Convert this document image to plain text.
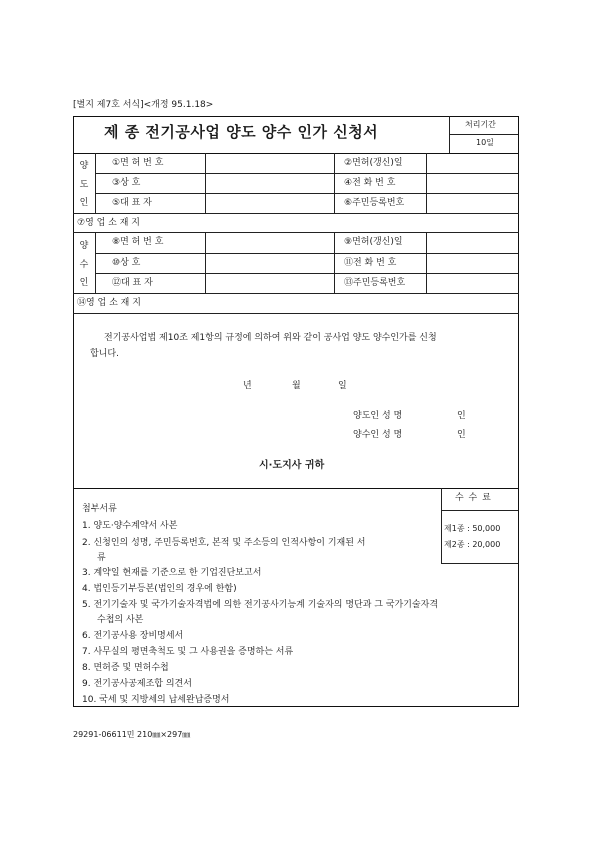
[별지 제7호 서식]<개정 95.1.18>
제 종 전기공사업 양도 양수 인가 신청서	처리기간
10일
양
도
인
①면 허 번 호	②면허(갱신)일
③상 호	④전 화 번 호
⑤대 표 자	⑥주민등록번호
⑦영 업 소 재 지
양
수
인
⑧면 허 번 호	⑨면허(갱신)일
⑩상 호	⑪전 화 번 호
⑫대 표 자	⑬주민등록번호
⑭영 업 소 재 지
전기공사업법 제10조 제1항의 규정에 의하여 위와 같이 공사업 양도 양수인가를 신청
합니다.
년	월	일
양도인 성 명	인
양수인 성 명	인
시·도지사 귀하
수 수 료
제1종 : 50,000
제2종 : 20,000
첨부서류
1. 양도·양수계약서 사본
2. 신청인의 성명, 주민등록번호, 본적 및 주소등의 인적사항이 기재된 서
류
3. 계약일 현재를 기준으로 한 기업진단보고서
4. 법인등기부등본(법인의 경우에 한함)
5. 전기기술자 및 국가기술자격법에 의한 전기공사기능계 기술자의 명단과 그 국가기술자격
수첩의 사본
6. 전기공사용 장비명세서
7. 사무실의 평면축척도 및 그 사용권을 증명하는 서류
8. 면허증 및 면허수첩
9. 전기공사공제조합 의견서
10. 국세 및 지방세의 납세완납증명서
29291-06611민 210㎜×297㎜
